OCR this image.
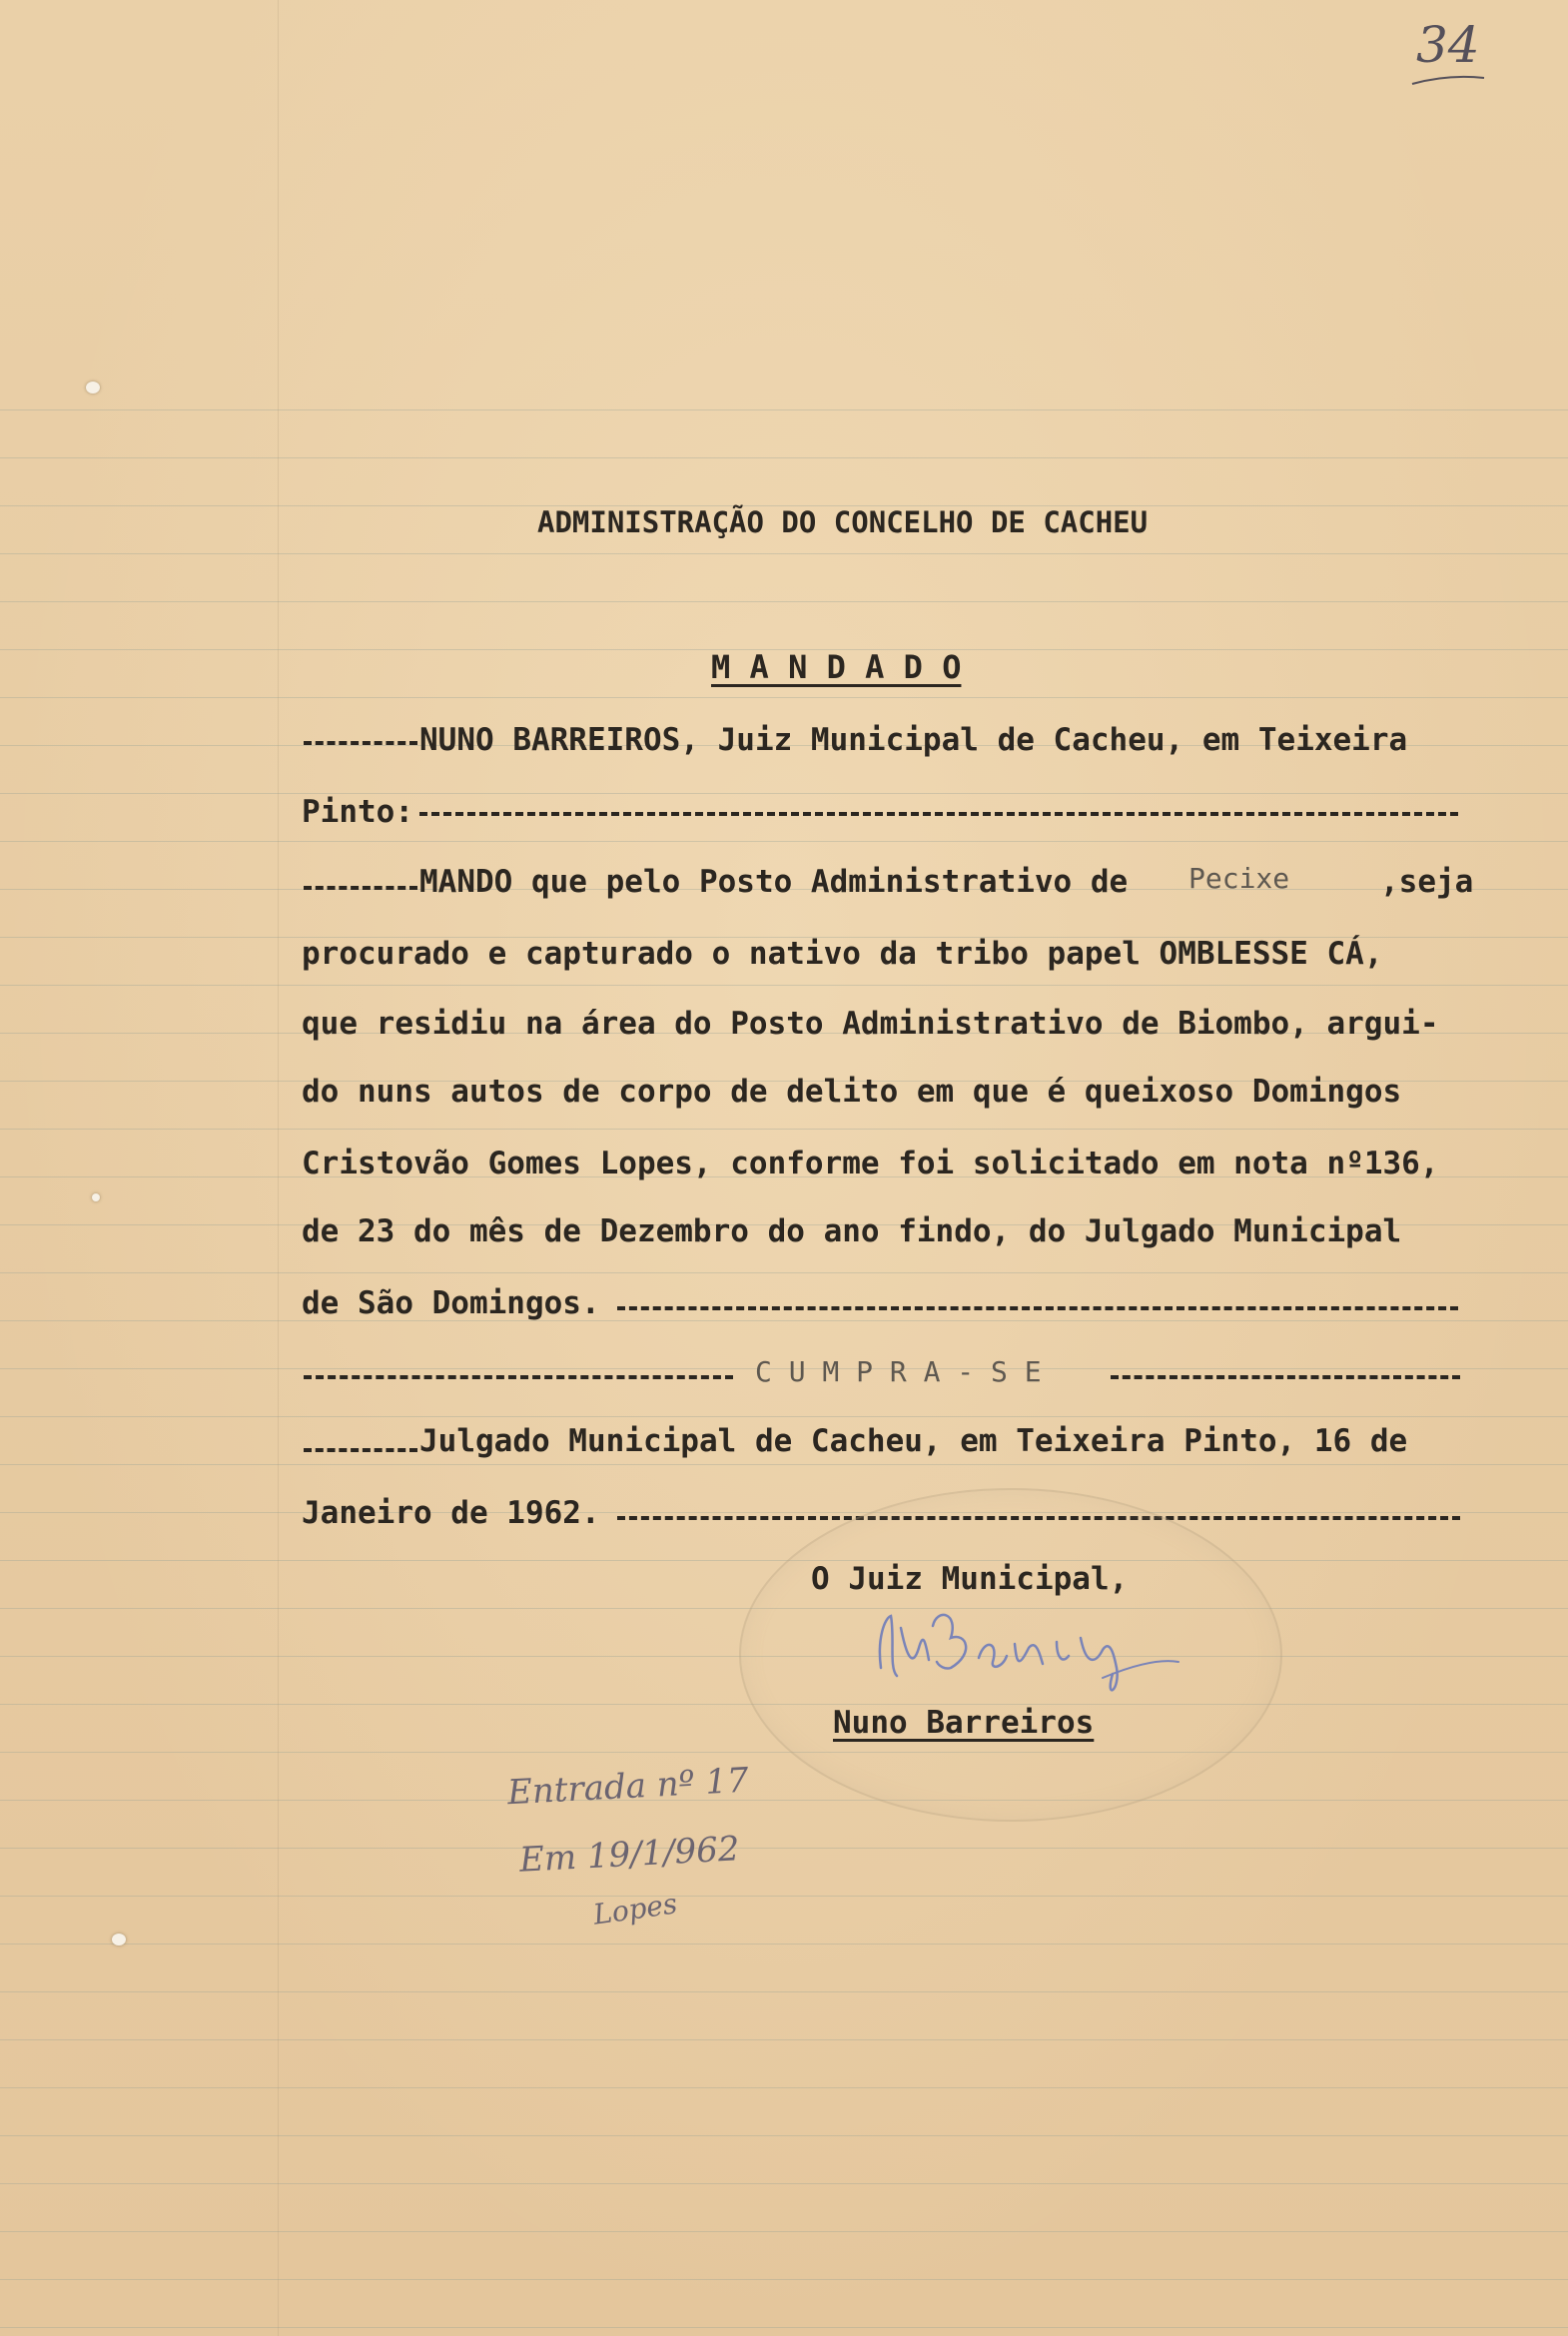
34
ADMINISTRAÇÃO DO CONCELHO DE CACHEU
M A N D A D O
NUNO BARREIROS, Juiz Municipal de Cacheu, em Teixeira
Pinto:
MANDO que pelo Posto Administrativo de Pecixe	,seja
procurado e capturado o nativo da tribo papel OMBLESSE CÁ,
que residiu na área do Posto Administrativo de Biombo, argui-
do nuns autos de corpo de delito em que é queixoso Domingos
Cristovão Gomes Lopes, conforme foi solicitado em nota nº136,
de 23 do mês de Dezembro do ano findo, do Julgado Municipal
de São Domingos.
C U M P R A - S E
Julgado Municipal de Cacheu, em Teixeira Pinto, 16 de
Janeiro de 1962.
O Juiz Municipal,
Nuno Barreiros
Entrada nº 17
Em 19/1/962
Lopes
